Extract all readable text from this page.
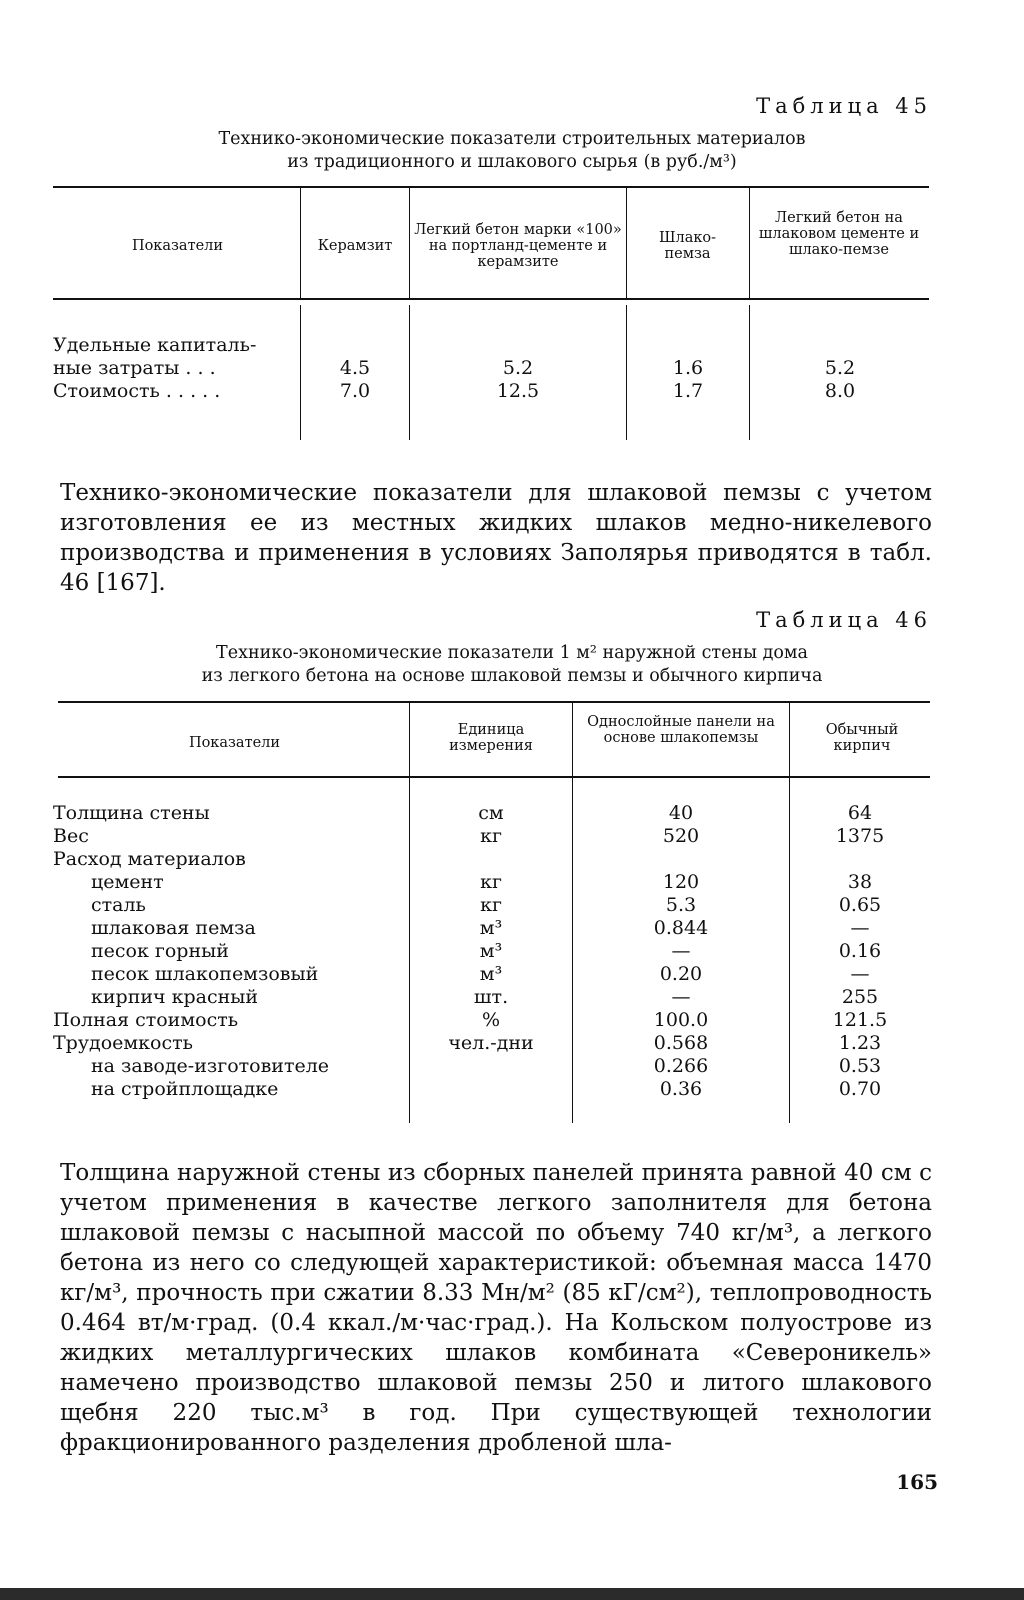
Таблица 45
Технико-экономические показатели строительных материалов
из традиционного и шлакового сырья (в руб./м³)
Показатели	Керамзит
Легкий бетон марки «100» на портланд-цементе и керамзите
Шлако-пемза
Легкий бетон на шлаковом цементе и шлако-пемзе
Удельные капиталь-
ные затраты . . .
Стоимость . . . . .
4.5
7.0
5.2
12.5
1.6
1.7
5.2
8.0

Технико-экономические показатели для шлаковой пемзы с учетом изготовления ее из местных жидких шлаков медно-никелевого производства и применения в условиях Заполярья приводятся в табл. 46 [167].

Таблица 46
Технико-экономические показатели 1 м² наружной стены дома
из легкого бетона на основе шлаковой пемзы и обычного кирпича
Показатели
Единица измерения
Однослойные панели на основе шлакопемзы	Обычный кирпич
Толщина стены
Вес
Расход материалов
цемент
сталь
шлаковая пемза
песок горный
песок шлакопемзовый
кирпич красный
Полная стоимость
Трудоемкость
на заводе-изготовителе
на стройплощадке
см
кг
кг
кг
м³
м³
м³
шт.
%
чел.-дни
40
520
120
5.3
0.844
—
0.20
—
100.0
0.568
0.266
0.36
64
1375
38
0.65
—
0.16
—
255
121.5
1.23
0.53
0.70

Толщина наружной стены из сборных панелей принята равной 40 см с учетом применения в качестве легкого заполнителя для бетона шлаковой пемзы с насыпной массой по объему 740 кг/м³, а легкого бетона из него со следующей характеристикой: объемная масса 1470 кг/м³, прочность при сжатии 8.33 Мн/м² (85 кГ/см²), теплопроводность 0.464 вт/м·град. (0.4 ккал./м·час·град.). На Кольском полуострове из жидких металлургических шлаков комбината «Североникель» намечено производство шлаковой пемзы 250 и литого шлакового щебня 220 тыс.м³ в год. При существующей технологии фракционированного разделения дробленой шла-

165
